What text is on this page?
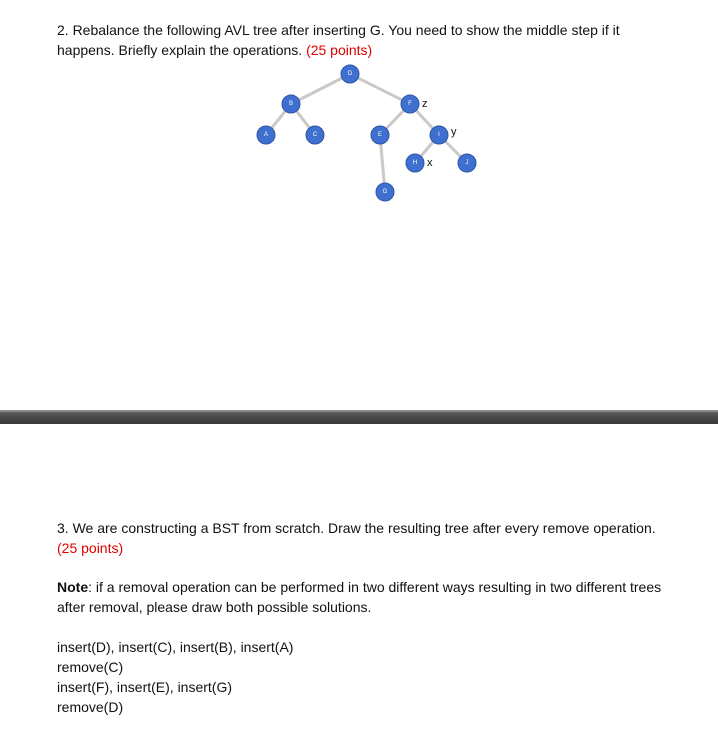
2. Rebalance the following AVL tree after inserting G. You need to show the middle step if it happens. Briefly explain the operations. (25 points)

D
B	F
A	C	E	I
H	J
G
z
y
x

3. We are constructing a BST from scratch. Draw the resulting tree after every remove operation. (25 points)

Note: if a removal operation can be performed in two different ways resulting in two different trees after removal, please draw both possible solutions.

insert(D), insert(C), insert(B), insert(A)
remove(C)
insert(F), insert(E), insert(G)
remove(D)
